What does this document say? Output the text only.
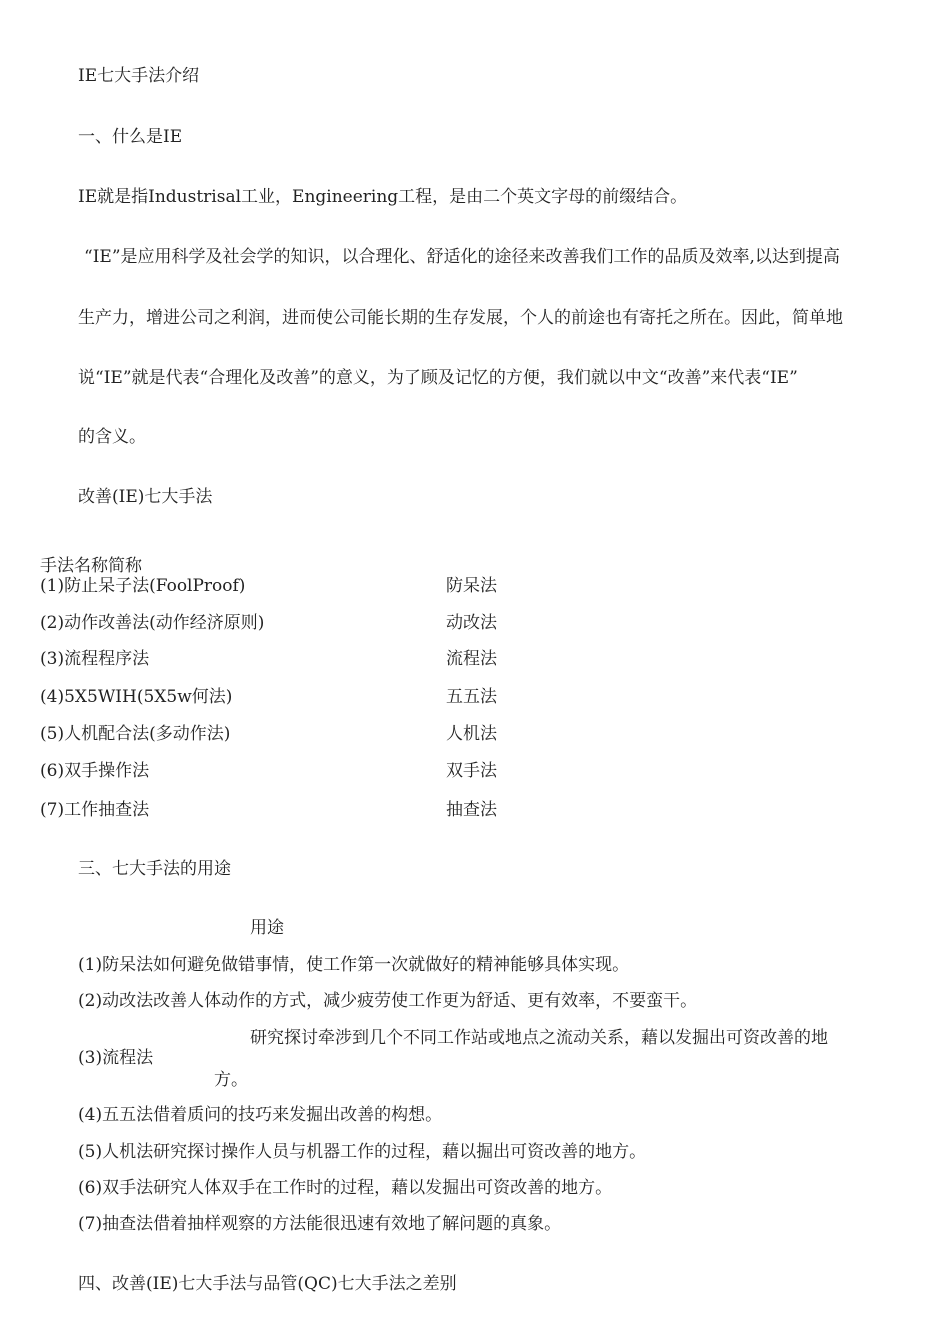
IE七大手法介绍
一、什么是IE
IE就是指Industrisal工业，Engineering工程，是由二个英文字母的前缀结合。
“IE”是应用科学及社会学的知识，以合理化、舒适化的途径来改善我们工作的品质及效率,以达到提高
生产力，增进公司之利润，进而使公司能长期的生存发展，个人的前途也有寄托之所在。因此，简单地
说“IE”就是代表“合理化及改善”的意义，为了顾及记忆的方便，我们就以中文“改善”来代表“IE”
的含义。
改善(IE)七大手法
手法名称简称
(1)防止呆子法(FoolProof)	防呆法
(2)动作改善法(动作经济原则)	动改法
(3)流程程序法	流程法
(4)5X5WIH(5X5w何法)	五五法
(5)人机配合法(多动作法)	人机法
(6)双手操作法	双手法
(7)工作抽查法	抽查法
三、七大手法的用途
用途
(1)防呆法如何避免做错事情，使工作第一次就做好的精神能够具体实现。
(2)动改法改善人体动作的方式，减少疲劳使工作更为舒适、更有效率，不要蛮干。
(3)流程法
研究探讨牵涉到几个不同工作站或地点之流动关系，藉以发掘出可资改善的地
方。
(4)五五法借着质问的技巧来发掘出改善的构想。
(5)人机法研究探讨操作人员与机器工作的过程，藉以掘出可资改善的地方。
(6)双手法研究人体双手在工作时的过程，藉以发掘出可资改善的地方。
(7)抽查法借着抽样观察的方法能很迅速有效地了解问题的真象。
四、改善(IE)七大手法与品管(QC)七大手法之差别
